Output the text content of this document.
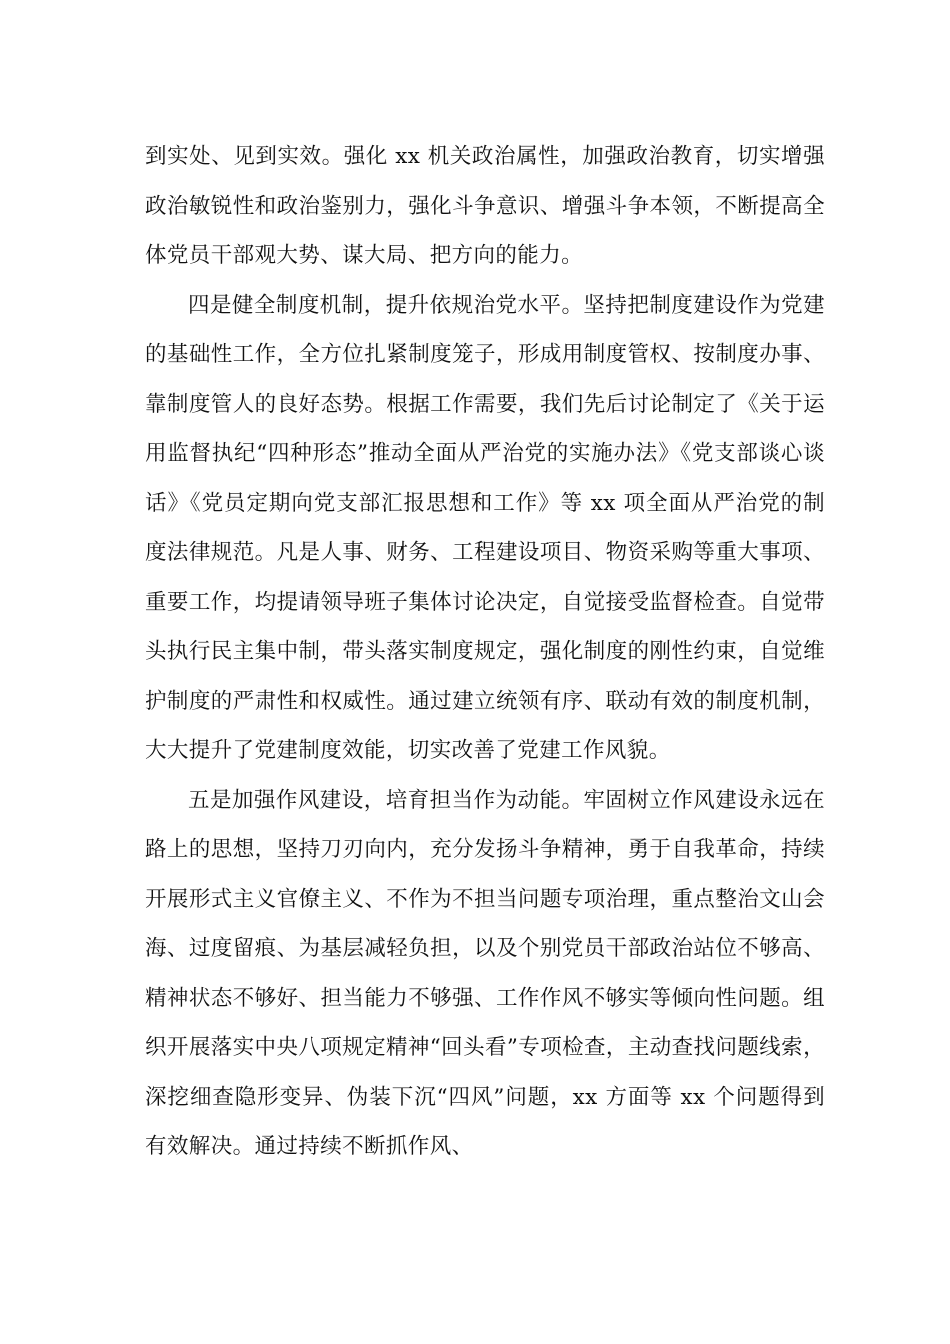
到实处、见到实效。强化 xx 机关政治属性，加强政治教育，切实增强政治敏锐性和政治鉴别力，强化斗争意识、增强斗争本领，不断提高全体党员干部观大势、谋大局、把方向的能力。

四是健全制度机制，提升依规治党水平。坚持把制度建设作为党建的基础性工作，全方位扎紧制度笼子，形成用制度管权、按制度办事、靠制度管人的良好态势。根据工作需要，我们先后讨论制定了《关于运用监督执纪“四种形态”推动全面从严治党的实施办法》《党支部谈心谈话》《党员定期向党支部汇报思想和工作》等 xx 项全面从严治党的制度法律规范。凡是人事、财务、工程建设项目、物资采购等重大事项、重要工作，均提请领导班子集体讨论决定，自觉接受监督检查。自觉带头执行民主集中制，带头落实制度规定，强化制度的刚性约束，自觉维护制度的严肃性和权威性。通过建立统领有序、联动有效的制度机制，大大提升了党建制度效能，切实改善了党建工作风貌。

五是加强作风建设，培育担当作为动能。牢固树立作风建设永远在路上的思想，坚持刀刃向内，充分发扬斗争精神，勇于自我革命，持续开展形式主义官僚主义、不作为不担当问题专项治理，重点整治文山会海、过度留痕、为基层减轻负担，以及个别党员干部政治站位不够高、精神状态不够好、担当能力不够强、工作作风不够实等倾向性问题。组织开展落实中央八项规定精神“回头看”专项检查，主动查找问题线索，深挖细查隐形变异、伪装下沉“四风”问题，xx 方面等 xx 个问题得到有效解决。通过持续不断抓作风、
